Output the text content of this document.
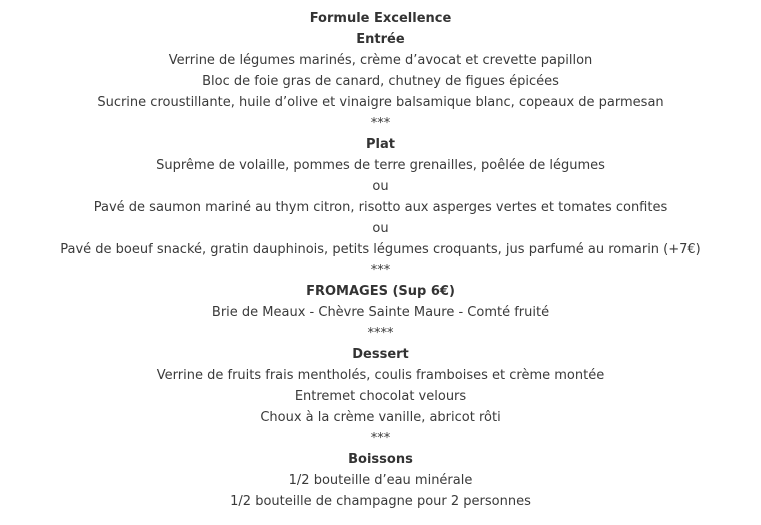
Formule Excellence
Entrée
Verrine de légumes marinés, crème d’avocat et crevette papillon
Bloc de foie gras de canard, chutney de figues épicées
Sucrine croustillante, huile d’olive et vinaigre balsamique blanc, copeaux de parmesan
***
Plat
Suprême de volaille, pommes de terre grenailles, poêlée de légumes
ou
Pavé de saumon mariné au thym citron, risotto aux asperges vertes et tomates confites
ou
Pavé de boeuf snacké, gratin dauphinois, petits légumes croquants, jus parfumé au romarin (+7€)
***
FROMAGES (Sup 6€)
Brie de Meaux - Chèvre Sainte Maure - Comté fruité
****
Dessert
Verrine de fruits frais mentholés, coulis framboises et crème montée
Entremet chocolat velours
Choux à la crème vanille, abricot rôti
***
Boissons
1/2 bouteille d’eau minérale
1/2 bouteille de champagne pour 2 personnes
